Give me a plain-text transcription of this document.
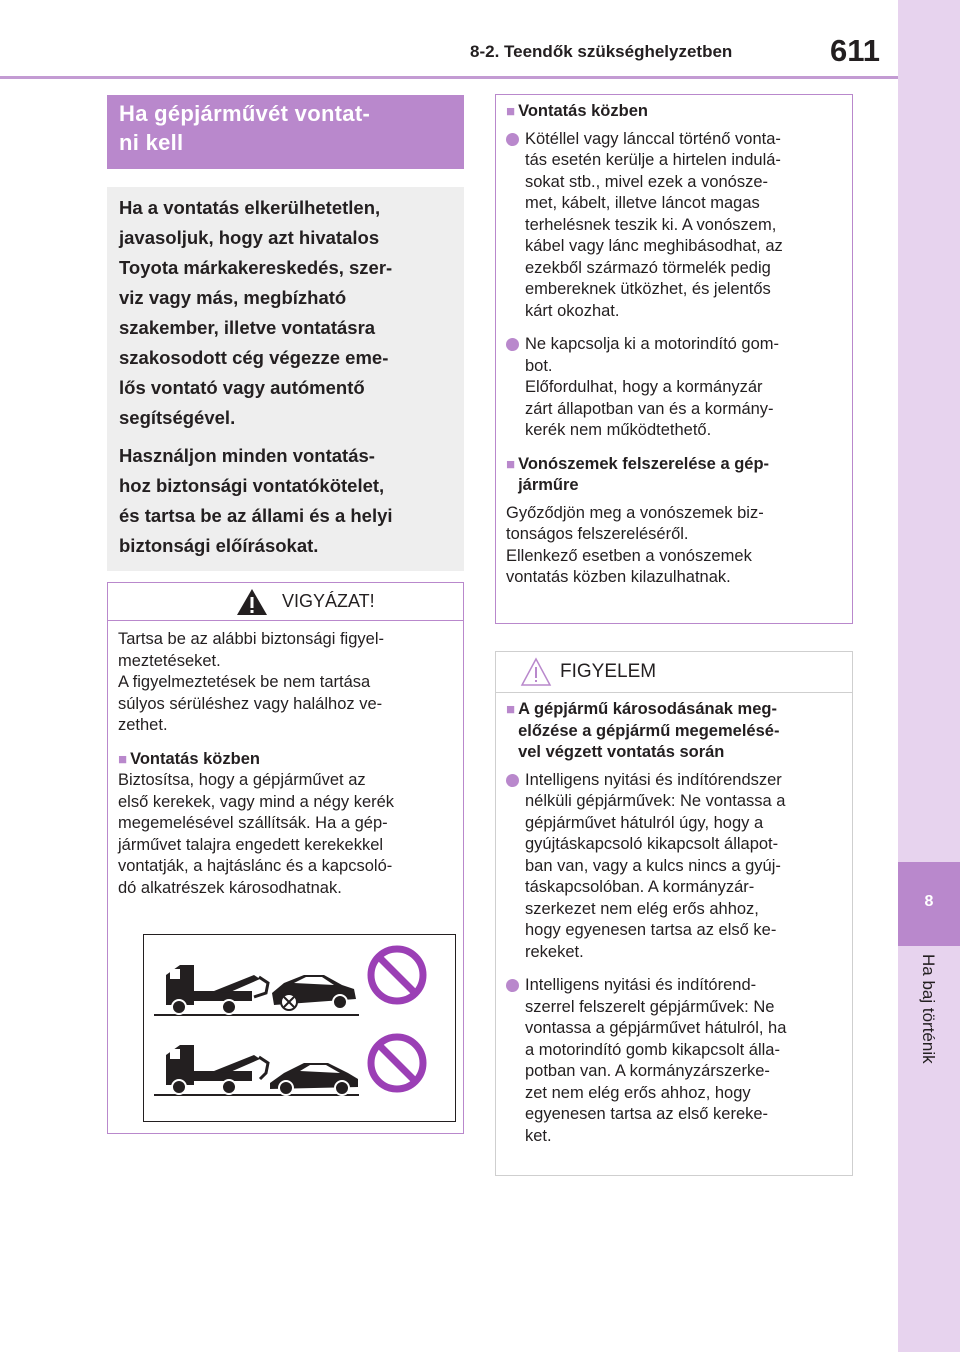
8-2. Teendők szükséghelyzetben	611
8
Ha baj történik
Ha gépjárművét vontat-
ni kell

Ha a vontatás elkerülhetetlen,
javasoljuk, hogy azt hivatalos
Toyota márkakereskedés, szer-
viz vagy más, megbízható
szakember, illetve vontatásra
szakosodott cég végezze eme-
lős vontató vagy autómentő
segítségével.

Használjon minden vontatás-
hoz biztonsági vontatókötelet,
és tartsa be az állami és a helyi
biztonsági előírásokat.

VIGYÁZAT!
Tartsa be az alábbi biztonsági figyel-
meztetéseket.
A figyelmeztetések be nem tartása
súlyos sérüléshez vagy halálhoz ve-
zethet.
■ Vontatás közben
Biztosítsa, hogy a gépjárművet az
első kerekek, vagy mind a négy kerék
megemelésével szállítsák. Ha a gép-
járművet talajra engedett kerekekkel
vontatják, a hajtáslánc és a kapcsoló-
dó alkatrészek károsodhatnak.
■ Vontatás közben
Kötéllel vagy lánccal történő vonta-
tás esetén kerülje a hirtelen indulá-
sokat stb., mivel ezek a vonósze-
met, kábelt, illetve láncot magas
terhelésnek teszik ki. A vonószem,
kábel vagy lánc meghibásodhat, az
ezekből származó törmelék pedig
embereknek ütközhet, és jelentős
kárt okozhat.
Ne kapcsolja ki a motorindító gom-
bot.
Előfordulhat, hogy a kormányzár
zárt állapotban van és a kormány-
kerék nem működtethető.
■ Vonószemek felszerelése a gép-
járműre
Győződjön meg a vonószemek biz-
tonságos felszereléséről.
Ellenkező esetben a vonószemek
vontatás közben kilazulhatnak.
FIGYELEM
■ A gépjármű károsodásának meg-
előzése a gépjármű megemelésé-
vel végzett vontatás során
Intelligens nyitási és indítórendszer
nélküli gépjárművek: Ne vontassa a
gépjárművet hátulról úgy, hogy a
gyújtáskapcsoló kikapcsolt állapot-
ban van, vagy a kulcs nincs a gyúj-
táskapcsolóban. A kormányzár-
szerkezet nem elég erős ahhoz,
hogy egyenesen tartsa az első ke-
rekeket.
Intelligens nyitási és indítórend-
szerrel felszerelt gépjárművek: Ne
vontassa a gépjárművet hátulról, ha
a motorindító gomb kikapcsolt álla-
potban van. A kormányzárszerke-
zet nem elég erős ahhoz, hogy
egyenesen tartsa az első kereke-
ket.
